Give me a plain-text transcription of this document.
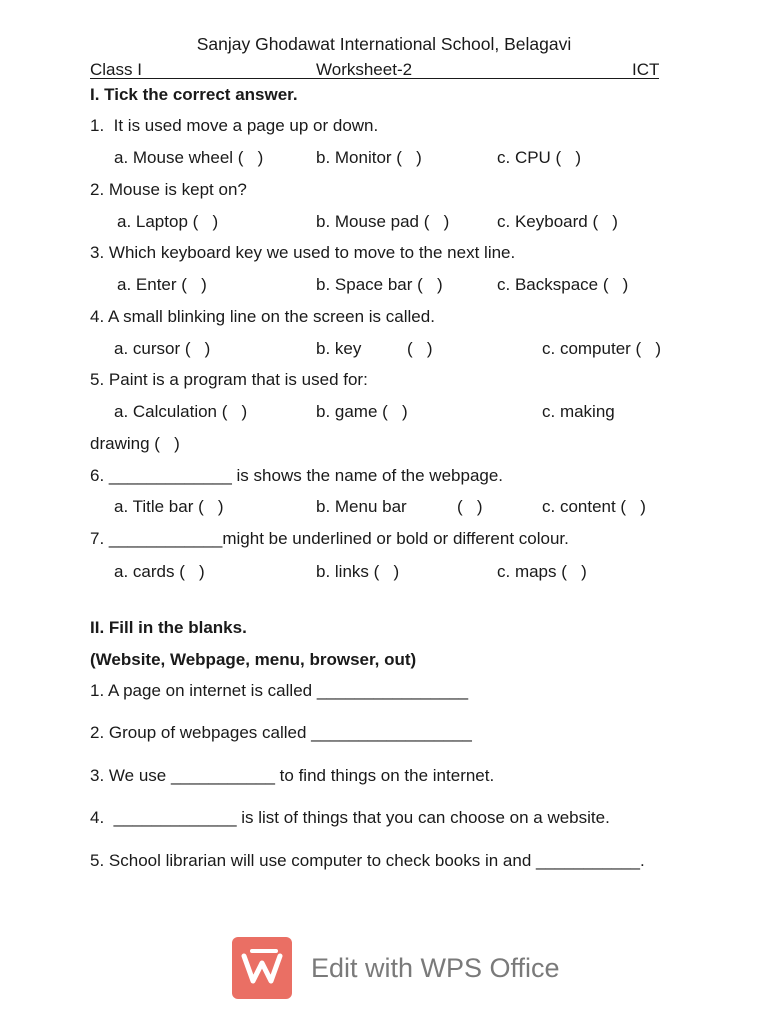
Sanjay Ghodawat International School, Belagavi
Class I	Worksheet-2	ICT
I. Tick the correct answer.
1.  It is used move a page up or down.
a. Mouse wheel (   )	b. Monitor (   )	c. CPU (   )
2. Mouse is kept on?
a. Laptop (   )	b. Mouse pad (   )	c. Keyboard (   )
3. Which keyboard key we used to move to the next line.
a. Enter (   )	b. Space bar (   )	c. Backspace (   )
4. A small blinking line on the screen is called.
a. cursor (   )	b. key	(   )	c. computer (   )
5. Paint is a program that is used for:
a. Calculation (   )	b. game (   )	c. making
drawing (   )
6. _____________ is shows the name of the webpage.
a. Title bar (   )	b. Menu bar	(   )	c. content (   )
7. ____________might be underlined or bold or different colour.
a. cards (   )	b. links (   )	c. maps (   )
II. Fill in the blanks.
(Website, Webpage, menu, browser, out)
1. A page on internet is called ________________
2. Group of webpages called _________________
3. We use ___________ to find things on the internet.
4.  _____________ is list of things that you can choose on a website.
5. School librarian will use computer to check books in and ___________.
Edit with WPS Office
